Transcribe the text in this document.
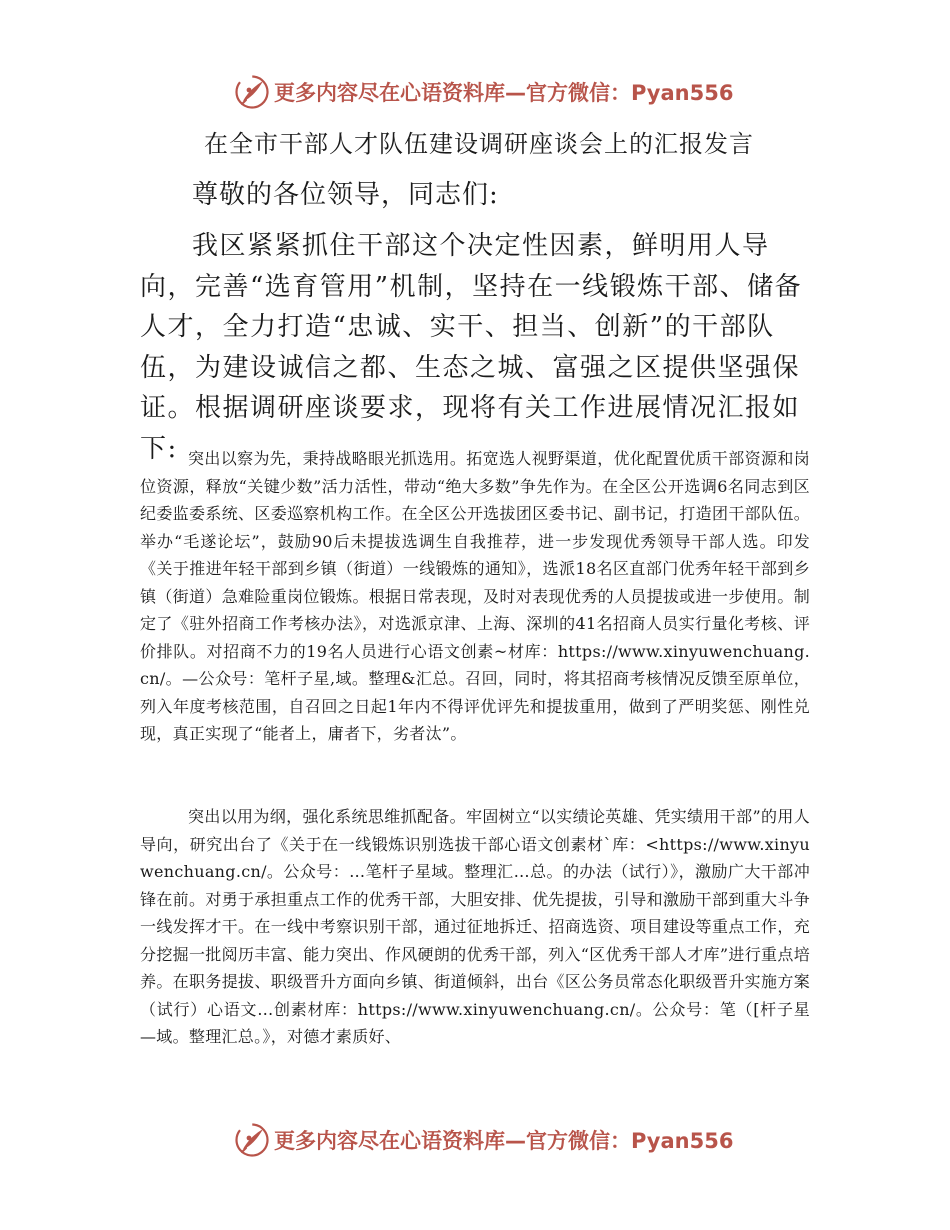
更多内容尽在心语资料库—官方微信：Pyan556
在全市干部人才队伍建设调研座谈会上的汇报发言
尊敬的各位领导，同志们:
我区紧紧抓住干部这个决定性因素，鲜明用人导向，完善“选育管用”机制，坚持在一线锻炼干部、储备人才，全力打造“忠诚、实干、担当、创新”的干部队伍，为建设诚信之都、生态之城、富强之区提供坚强保证。根据调研座谈要求，现将有关工作进展情况汇报如下: 突出以察为先，秉持战略眼光抓选用。拓宽选人视野渠道，优化配置优质干部资源和岗位资源，释放“关键少数”活力活性，带动“绝大多数”争先作为。在全区公开选调6名同志到区纪委监委系统、区委巡察机构工作。在全区公开选拔团区委书记、副书记，打造团干部队伍。举办“毛遂论坛”，鼓励90后未提拔选调生自我推荐，进一步发现优秀领导干部人选。印发《关于推进年轻干部到乡镇（街道）一线锻炼的通知》，选派18名区直部门优秀年轻干部到乡镇（街道）急难险重岗位锻炼。根据日常表现，及时对表现优秀的人员提拔或进一步使用。制定了《驻外招商工作考核办法》，对选派京津、上海、深圳的41名招商人员实行量化考核、评价排队。对招商不力的19名人员进行心语文创素~材库：https://www.xinyuwenchuang.cn/。—公众号：笔杆子星,域。整理&汇总。召回，同时，将其招商考核情况反馈至原单位，列入年度考核范围，自召回之日起1年内不得评优评先和提拔重用，做到了严明奖惩、刚性兑现，真正实现了“能者上，庸者下，劣者汰”。
突出以用为纲，强化系统思维抓配备。牢固树立“以实绩论英雄、凭实绩用干部”的用人导向，研究出台了《关于在一线锻炼识别选拔干部心语文创素材`库：<https://www.xinyuwenchuang.cn/。公众号：…笔杆子星域。整理汇…总。的办法（试行）》，激励广大干部冲锋在前。对勇于承担重点工作的优秀干部，大胆安排、优先提拔，引导和激励干部到重大斗争一线发挥才干。在一线中考察识别干部，通过征地拆迁、招商选资、项目建设等重点工作，充分挖掘一批阅历丰富、能力突出、作风硬朗的优秀干部，列入“区优秀干部人才库”进行重点培养。在职务提拔、职级晋升方面向乡镇、街道倾斜，出台《区公务员常态化职级晋升实施方案（试行）心语文…创素材库：https://www.xinyuwenchuang.cn/。公众号：笔（[杆子星—域。整理汇总。》，对德才素质好、
更多内容尽在心语资料库—官方微信：Pyan556
